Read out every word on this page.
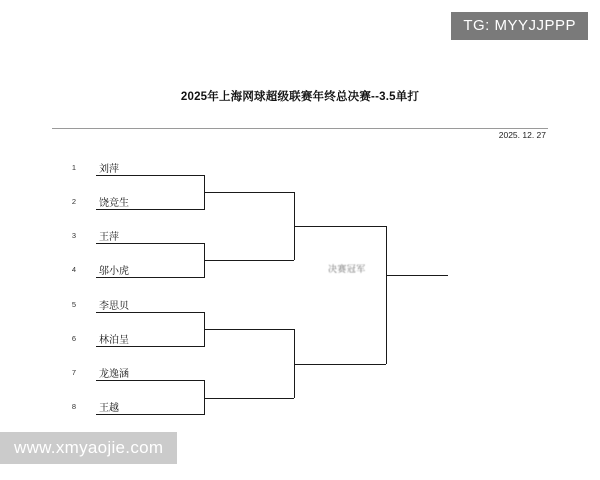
TG: MYYJJPPP
2025年上海网球超级联赛年终总决赛--3.5单打
2025. 12. 27
1 刘萍
2 饶竞生
3 王萍
4 邬小虎
5 李思贝
6 林泊呈
7 龙逸涵
8 王越
决赛冠军
www.xmyaojie.com
